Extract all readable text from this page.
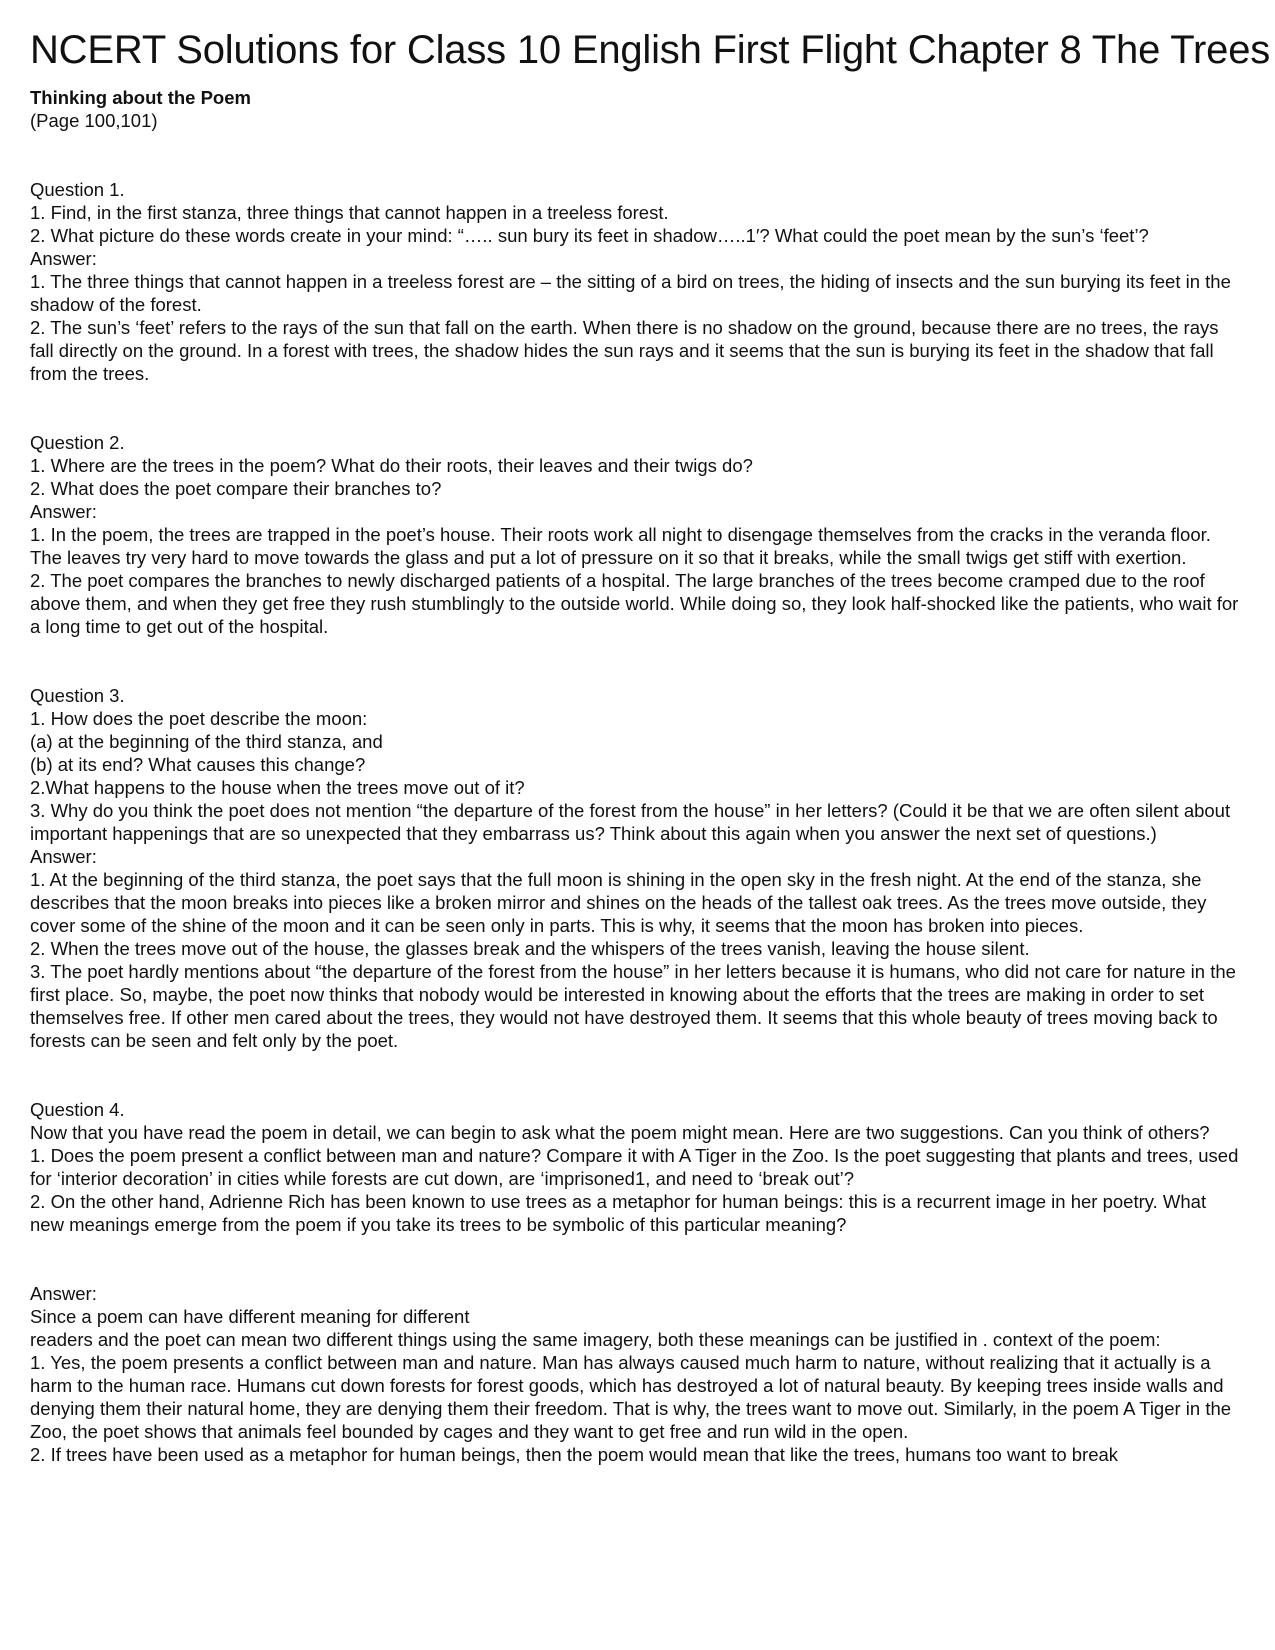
NCERT Solutions for Class 10 English First Flight Chapter 8 The Trees
Thinking about the Poem
(Page 100,101)
Question 1.
1. Find, in the first stanza, three things that cannot happen in a treeless forest.
2. What picture do these words create in your mind: “….. sun bury its feet in shadow…..1′? What could the poet mean by the sun’s ‘feet’?
Answer:
1. The three things that cannot happen in a treeless forest are – the sitting of a bird on trees, the hiding of insects and the sun burying its feet in the shadow of the forest.
2. The sun’s ‘feet’ refers to the rays of the sun that fall on the earth. When there is no shadow on the ground, because there are no trees, the rays fall directly on the ground. In a forest with trees, the shadow hides the sun rays and it seems that the sun is burying its feet in the shadow that fall from the trees.
Question 2.
1. Where are the trees in the poem? What do their roots, their leaves and their twigs do?
2. What does the poet compare their branches to?
Answer:
1. In the poem, the trees are trapped in the poet’s house. Their roots work all night to disengage themselves from the cracks in the veranda floor. The leaves try very hard to move towards the glass and put a lot of pressure on it so that it breaks, while the small twigs get stiff with exertion.
2. The poet compares the branches to newly discharged patients of a hospital. The large branches of the trees become cramped due to the roof above them, and when they get free they rush stumblingly to the outside world. While doing so, they look half-shocked like the patients, who wait for a long time to get out of the hospital.
Question 3.
1. How does the poet describe the moon:
(a) at the beginning of the third stanza, and
(b) at its end? What causes this change?
2.What happens to the house when the trees move out of it?
3. Why do you think the poet does not mention “the departure of the forest from the house” in her letters? (Could it be that we are often silent about important happenings that are so unexpected that they embarrass us? Think about this again when you answer the next set of questions.)
Answer:
1. At the beginning of the third stanza, the poet says that the full moon is shining in the open sky in the fresh night. At the end of the stanza, she describes that the moon breaks into pieces like a broken mirror and shines on the heads of the tallest oak trees. As the trees move outside, they cover some of the shine of the moon and it can be seen only in parts. This is why, it seems that the moon has broken into pieces.
2. When the trees move out of the house, the glasses break and the whispers of the trees vanish, leaving the house silent.
3. The poet hardly mentions about “the departure of the forest from the house” in her letters because it is humans, who did not care for nature in the first place. So, maybe, the poet now thinks that nobody would be interested in knowing about the efforts that the trees are making in order to set themselves free. If other men cared about the trees, they would not have destroyed them. It seems that this whole beauty of trees moving back to forests can be seen and felt only by the poet.
Question 4.
Now that you have read the poem in detail, we can begin to ask what the poem might mean. Here are two suggestions. Can you think of others?
1. Does the poem present a conflict between man and nature? Compare it with A Tiger in the Zoo. Is the poet suggesting that plants and trees, used for ‘interior decoration’ in cities while forests are cut down, are ‘imprisoned1, and need to ‘break out’?
2. On the other hand, Adrienne Rich has been known to use trees as a metaphor for human beings: this is a recurrent image in her poetry. What new meanings emerge from the poem if you take its trees to be symbolic of this particular meaning?
Answer:
Since a poem can have different meaning for different
readers and the poet can mean two different things using the same imagery, both these meanings can be justified in . context of the poem:
1. Yes, the poem presents a conflict between man and nature. Man has always caused much harm to nature, without realizing that it actually is a harm to the human race. Humans cut down forests for forest goods, which has destroyed a lot of natural beauty. By keeping trees inside walls and denying them their natural home, they are denying them their freedom. That is why, the trees want to move out. Similarly, in the poem A Tiger in the Zoo, the poet shows that animals feel bounded by cages and they want to get free and run wild in the open.
2. If trees have been used as a metaphor for human beings, then the poem would mean that like the trees, humans too want to break
